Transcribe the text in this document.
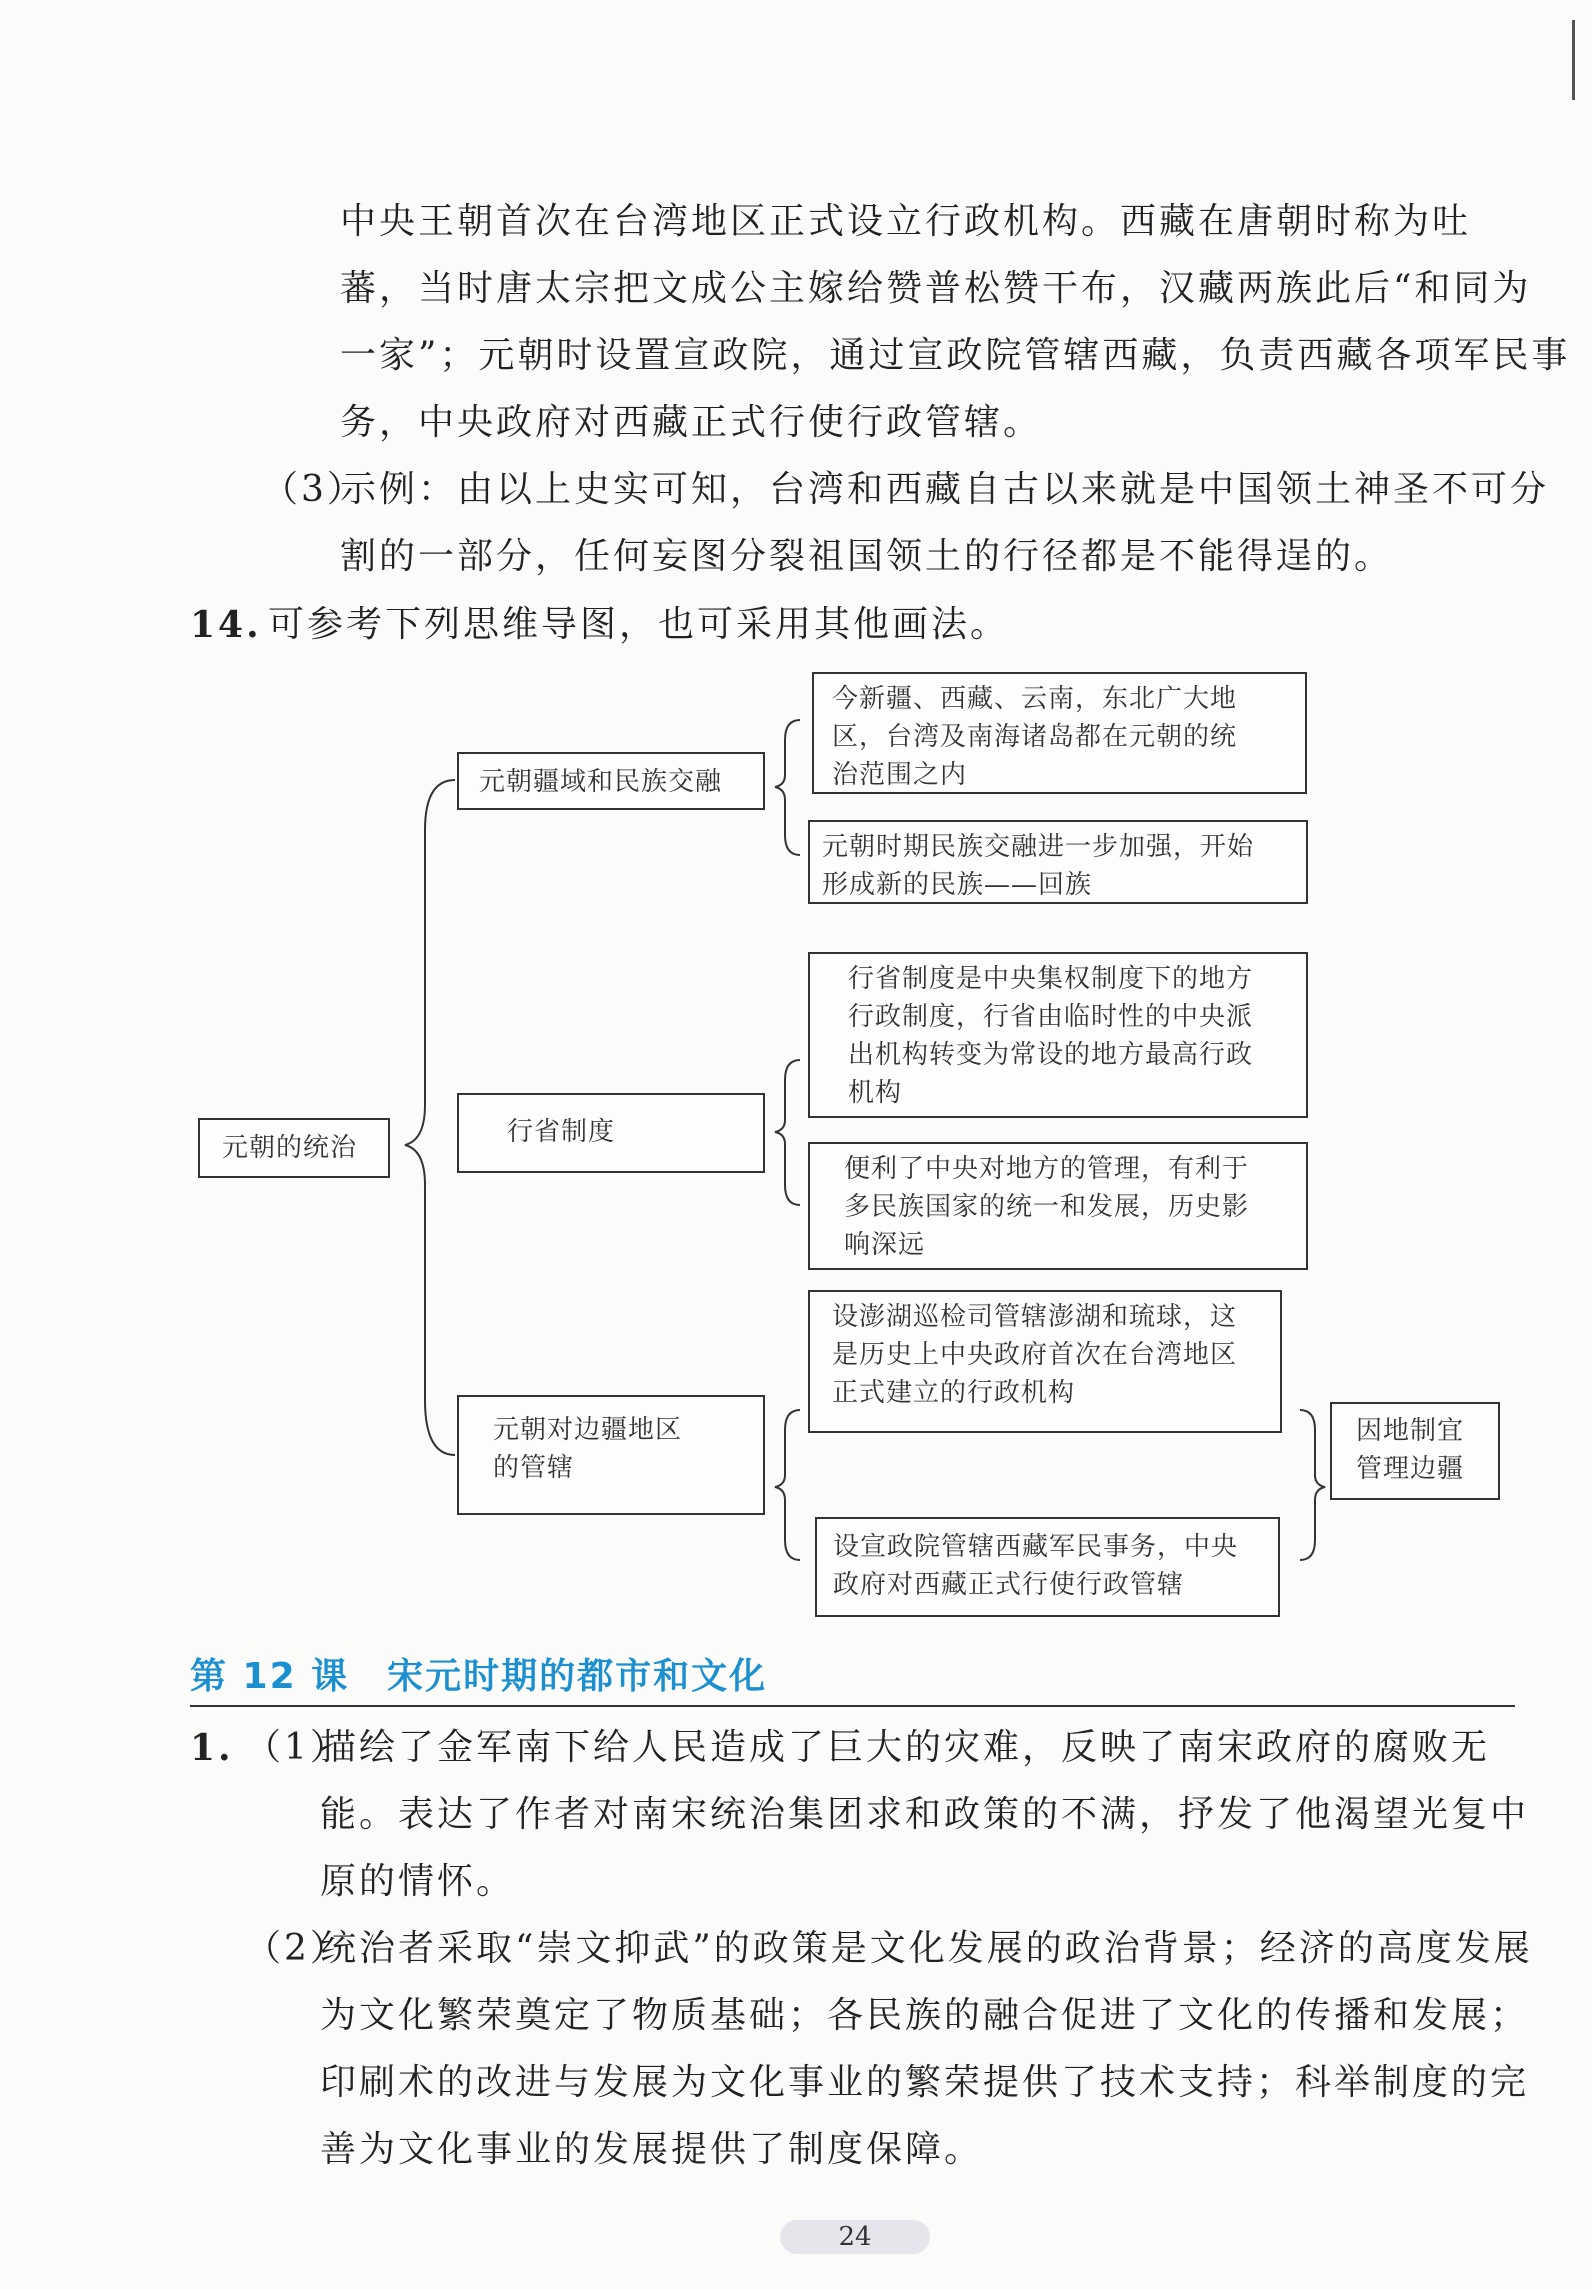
中央王朝首次在台湾地区正式设立行政机构。西藏在唐朝时称为吐
蕃，当时唐太宗把文成公主嫁给赞普松赞干布，汉藏两族此后“和同为
一家”；元朝时设置宣政院，通过宣政院管辖西藏，负责西藏各项军民事
务，中央政府对西藏正式行使行政管辖。
（3）
示例：由以上史实可知，台湾和西藏自古以来就是中国领土神圣不可分
割的一部分，任何妄图分裂祖国领土的行径都是不能得逞的。
14. 可参考下列思维导图，也可采用其他画法。
元朝的统治
元朝疆域和民族交融
今新疆、西藏、云南，东北广大地
区，台湾及南海诸岛都在元朝的统
治范围之内
元朝时期民族交融进一步加强，开始
形成新的民族——回族
行省制度
行省制度是中央集权制度下的地方
行政制度，行省由临时性的中央派
出机构转变为常设的地方最高行政
机构
便利了中央对地方的管理，有利于
多民族国家的统一和发展，历史影
响深远
元朝对边疆地区
的管辖
设澎湖巡检司管辖澎湖和琉球，这
是历史上中央政府首次在台湾地区
正式建立的行政机构
设宣政院管辖西藏军民事务，中央
政府对西藏正式行使行政管辖
因地制宜
管理边疆
第 12 课　宋元时期的都市和文化
1. （1）
描绘了金军南下给人民造成了巨大的灾难，反映了南宋政府的腐败无
能。表达了作者对南宋统治集团求和政策的不满，抒发了他渴望光复中
原的情怀。
（2）
统治者采取“崇文抑武”的政策是文化发展的政治背景；经济的高度发展
为文化繁荣奠定了物质基础；各民族的融合促进了文化的传播和发展；
印刷术的改进与发展为文化事业的繁荣提供了技术支持；科举制度的完
善为文化事业的发展提供了制度保障。
24
